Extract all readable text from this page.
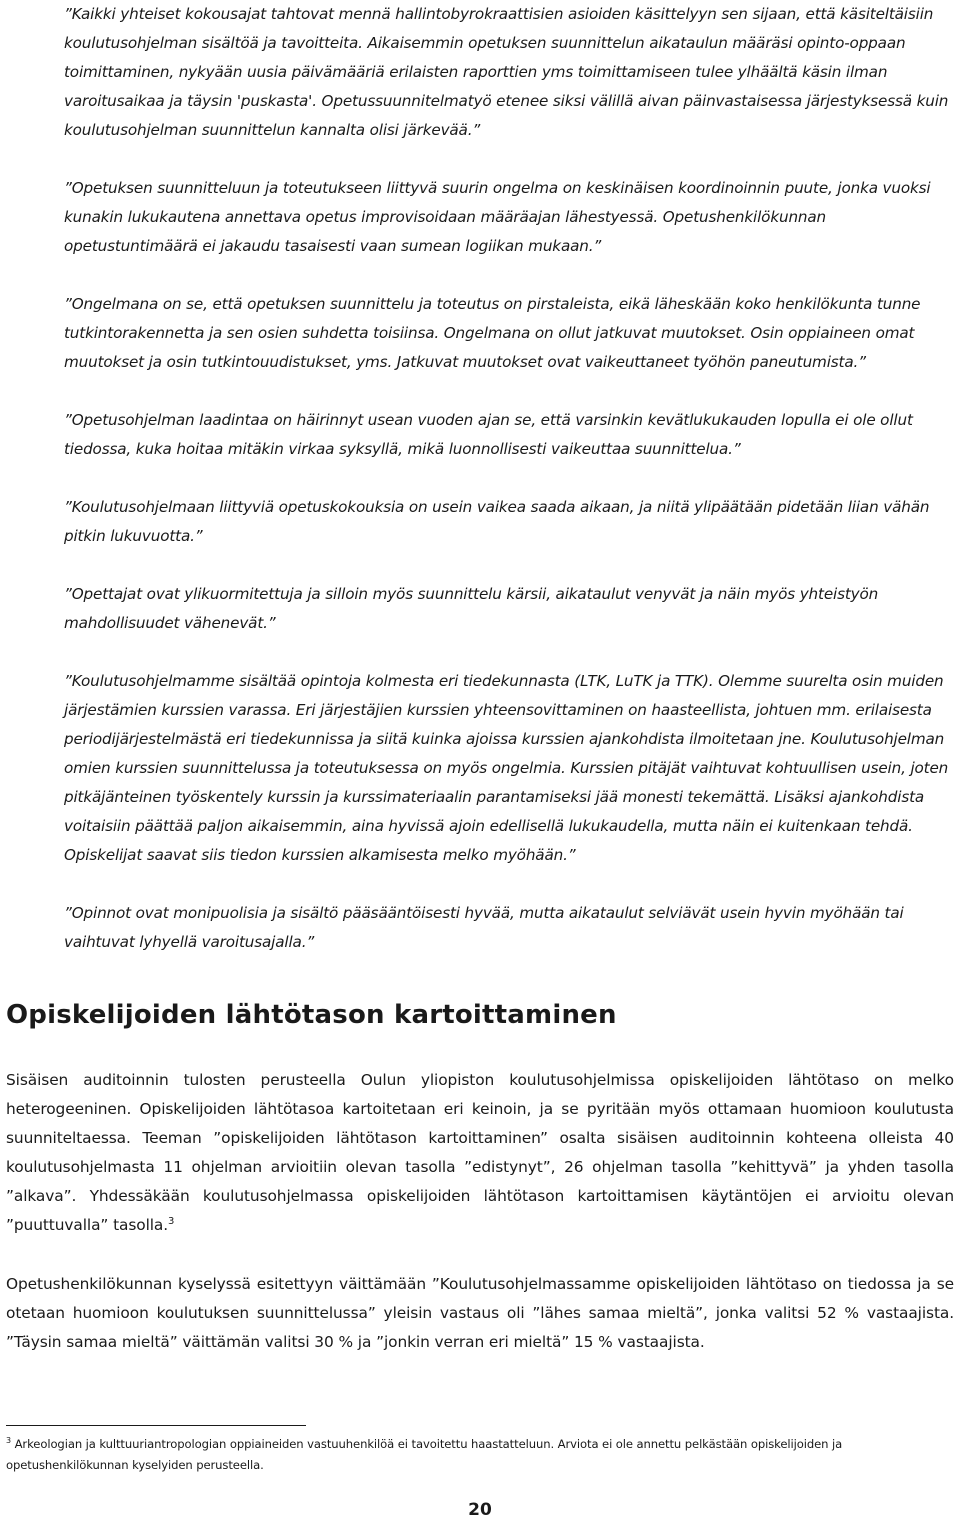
”Kaikki yhteiset kokousajat tahtovat mennä hallintobyrokraattisien asioiden käsittelyyn sen sijaan, että käsiteltäisiin koulutusohjelman sisältöä ja tavoitteita. Aikaisemmin opetuksen suunnittelun aikataulun määräsi opinto-oppaan toimittaminen, nykyään uusia päivämääriä erilaisten raporttien yms toimittamiseen tulee ylhäältä käsin ilman varoitusaikaa ja täysin 'puskasta'. Opetussuunnitelmatyö etenee siksi välillä aivan päinvastaisessa järjestyksessä kuin koulutusohjelman suunnittelun kannalta olisi järkevää.”

”Opetuksen suunnitteluun ja toteutukseen liittyvä suurin ongelma on keskinäisen koordinoinnin puute, jonka vuoksi kunakin lukukautena annettava opetus improvisoidaan määräajan lähestyessä. Opetushenkilökunnan opetustuntimäärä ei jakaudu tasaisesti vaan sumean logiikan mukaan.”

”Ongelmana on se, että opetuksen suunnittelu ja toteutus on pirstaleista, eikä läheskään koko henkilökunta tunne tutkintorakennetta ja sen osien suhdetta toisiinsa. Ongelmana on ollut jatkuvat muutokset. Osin oppiaineen omat muutokset ja osin tutkintouudistukset, yms. Jatkuvat muutokset ovat vaikeuttaneet työhön paneutumista.”

”Opetusohjelman laadintaa on häirinnyt usean vuoden ajan se, että varsinkin kevätlukukauden lopulla ei ole ollut tiedossa, kuka hoitaa mitäkin virkaa syksyllä, mikä luonnollisesti vaikeuttaa suunnittelua.”

”Koulutusohjelmaan liittyviä opetuskokouksia on usein vaikea saada aikaan, ja niitä ylipäätään pidetään liian vähän pitkin lukuvuotta.”

”Opettajat ovat ylikuormitettuja ja silloin myös suunnittelu kärsii, aikataulut venyvät ja näin myös yhteistyön mahdollisuudet vähenevät.”

”Koulutusohjelmamme sisältää opintoja kolmesta eri tiedekunnasta (LTK, LuTK ja TTK). Olemme suurelta osin muiden järjestämien kurssien varassa. Eri järjestäjien kurssien yhteensovittaminen on haasteellista, johtuen mm. erilaisesta periodijärjestelmästä eri tiedekunnissa ja siitä kuinka ajoissa kurssien ajankohdista ilmoitetaan jne. Koulutusohjelman omien kurssien suunnittelussa ja toteutuksessa on myös ongelmia. Kurssien pitäjät vaihtuvat kohtuullisen usein, joten pitkäjänteinen työskentely kurssin ja kurssimateriaalin parantamiseksi jää monesti tekemättä. Lisäksi ajankohdista voitaisiin päättää paljon aikaisemmin, aina hyvissä ajoin edellisellä lukukaudella, mutta näin ei kuitenkaan tehdä. Opiskelijat saavat siis tiedon kurssien alkamisesta melko myöhään.”

”Opinnot ovat monipuolisia ja sisältö pääsääntöisesti hyvää, mutta aikataulut selviävät usein hyvin myöhään tai vaihtuvat lyhyellä varoitusajalla.”

Opiskelijoiden lähtötason kartoittaminen

Sisäisen auditoinnin tulosten perusteella Oulun yliopiston koulutusohjelmissa opiskelijoiden lähtötaso on melko heterogeeninen. Opiskelijoiden lähtötasoa kartoitetaan eri keinoin, ja se pyritään myös ottamaan huomioon koulutusta suunniteltaessa. Teeman ”opiskelijoiden lähtötason kartoittaminen” osalta sisäisen auditoinnin kohteena olleista 40 koulutusohjelmasta 11 ohjelman arvioitiin olevan tasolla ”edistynyt”, 26 ohjelman tasolla ”kehittyvä” ja yhden tasolla ”alkava”. Yhdessäkään koulutusohjelmassa opiskelijoiden lähtötason kartoittamisen käytäntöjen ei arvioitu olevan ”puuttuvalla” tasolla.$^3$

Opetushenkilökunnan kyselyssä esitettyyn väittämään ”Koulutusohjelmassamme opiskelijoiden lähtötaso on tiedossa ja se otetaan huomioon koulutuksen suunnittelussa” yleisin vastaus oli ”lähes samaa mieltä”, jonka valitsi 52 % vastaajista. ”Täysin samaa mieltä” väittämän valitsi 30 % ja ”jonkin verran eri mieltä” 15 % vastaajista.

$^3$ Arkeologian ja kulttuuriantropologian oppiaineiden vastuuhenkilöä ei tavoitettu haastatteluun. Arviota ei ole annettu pelkästään opiskelijoiden ja opetushenkilökunnan kyselyiden perusteella.

20
